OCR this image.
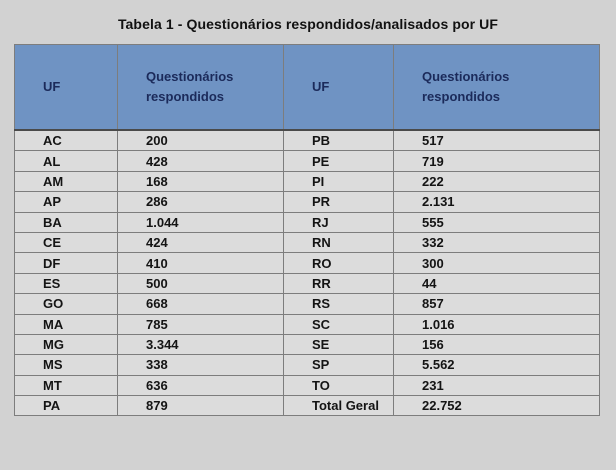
Tabela 1 - Questionários respondidos/analisados por UF
UF	Questionários respondidos	UF	Questionários respondidos
AC	200	PB	517
AL	428	PE	719
AM	168	PI	222
AP	286	PR	2.131
BA	1.044	RJ	555
CE	424	RN	332
DF	410	RO	300
ES	500	RR	44
GO	668	RS	857
MA	785	SC	1.016
MG	3.344	SE	156
MS	338	SP	5.562
MT	636	TO	231
PA	879	Total Geral	22.752
